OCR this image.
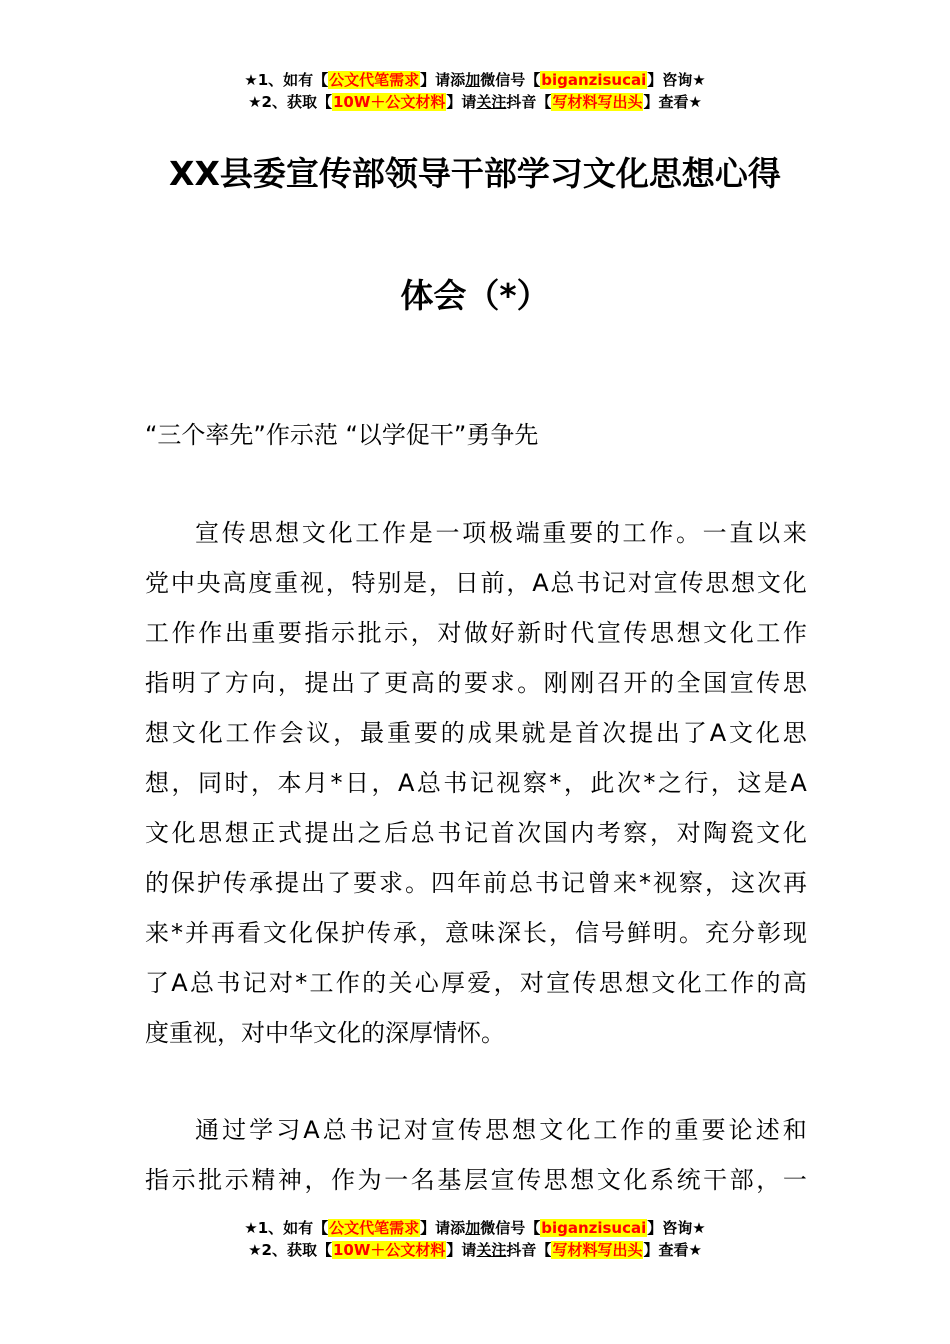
★1、如有【公文代笔需求】请添加微信号【biganzisucai】咨询★
★2、获取【10W＋公文材料】请关注抖音【写材料写出头】查看★
XX县委宣传部领导干部学习文化思想心得
体会（*）
“三个率先”作示范 “以学促干”勇争先
宣 传 思 想 文 化 工 作 是 一 项 极 端 重 要 的 工 作 。 一 直 以 来
党 中 央 高 度 重 视 ， 特 别 是 ， 日 前 ， A 总 书 记 对 宣 传 思 想 文 化
工 作 作 出 重 要 指 示 批 示 ， 对 做 好 新 时 代 宣 传 思 想 文 化 工 作
指 明 了 方 向 ， 提 出 了 更 高 的 要 求 。 刚 刚 召 开 的 全 国 宣 传 思
想 文 化 工 作 会 议 ， 最 重 要 的 成 果 就 是 首 次 提 出 了 A 文 化 思
想 ， 同 时 ， 本 月 * 日 ， A 总 书 记 视 察 * ， 此 次 * 之 行 ， 这 是 A
文 化 思 想 正 式 提 出 之 后 总 书 记 首 次 国 内 考 察 ， 对 陶 瓷 文 化
的 保 护 传 承 提 出 了 要 求 。 四 年 前 总 书 记 曾 来 * 视 察 ， 这 次 再
来 * 并 再 看 文 化 保 护 传 承 ， 意 味 深 长 ， 信 号 鲜 明 。 充 分 彰 现
了 A 总 书 记 对 * 工 作 的 关 心 厚 爱 ， 对 宣 传 思 想 文 化 工 作 的 高
度重视，对中华文化的深厚情怀。
通 过 学 习 A 总 书 记 对 宣 传 思 想 文 化 工 作 的 重 要 论 述 和
指 示 批 示 精 神 ， 作 为 一 名 基 层 宣 传 思 想 文 化 系 统 干 部 ， 一
★1、如有【公文代笔需求】请添加微信号【biganzisucai】咨询★
★2、获取【10W＋公文材料】请关注抖音【写材料写出头】查看★
